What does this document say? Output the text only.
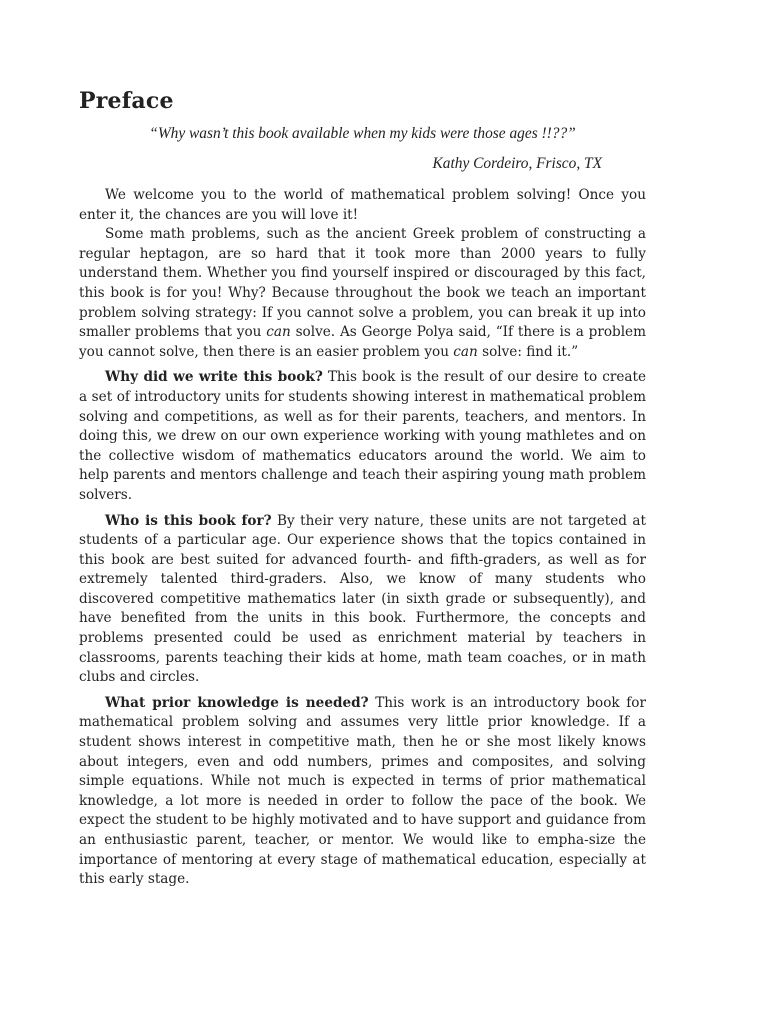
Preface

“Why wasn’t this book available when my kids were those ages !!??”

Kathy Cordeiro, Frisco, TX

We welcome you to the world of mathematical problem solving! Once you enter it, the chances are you will love it!

Some math problems, such as the ancient Greek problem of constructing a regular heptagon, are so hard that it took more than 2000 years to fully understand them. Whether you find yourself inspired or discouraged by this fact, this book is for you! Why? Because throughout the book we teach an important problem solving strategy: If you cannot solve a problem, you can break it up into smaller problems that you can solve. As George Polya said, “If there is a problem you cannot solve, then there is an easier problem you can solve: find it.”

Why did we write this book? This book is the result of our desire to create a set of introductory units for students showing interest in mathematical problem solving and competitions, as well as for their parents, teachers, and mentors. In doing this, we drew on our own experience working with young mathletes and on the collective wisdom of mathematics educators around the world. We aim to help parents and mentors challenge and teach their aspiring young math problem solvers.

Who is this book for? By their very nature, these units are not targeted at students of a particular age. Our experience shows that the topics contained in this book are best suited for advanced fourth- and fifth-graders, as well as for extremely talented third-graders. Also, we know of many students who discovered competitive mathematics later (in sixth grade or subsequently), and have benefited from the units in this book. Furthermore, the concepts and problems presented could be used as enrichment material by teachers in classrooms, parents teaching their kids at home, math team coaches, or in math clubs and circles.

What prior knowledge is needed? This work is an introductory book for mathematical problem solving and assumes very little prior knowledge. If a student shows interest in competitive math, then he or she most likely knows about integers, even and odd numbers, primes and composites, and solving simple equations. While not much is expected in terms of prior mathematical knowledge, a lot more is needed in order to follow the pace of the book. We expect the student to be highly motivated and to have support and guidance from an enthusiastic parent, teacher, or mentor. We would like to empha-size the importance of mentoring at every stage of mathematical education, especially at this early stage.
